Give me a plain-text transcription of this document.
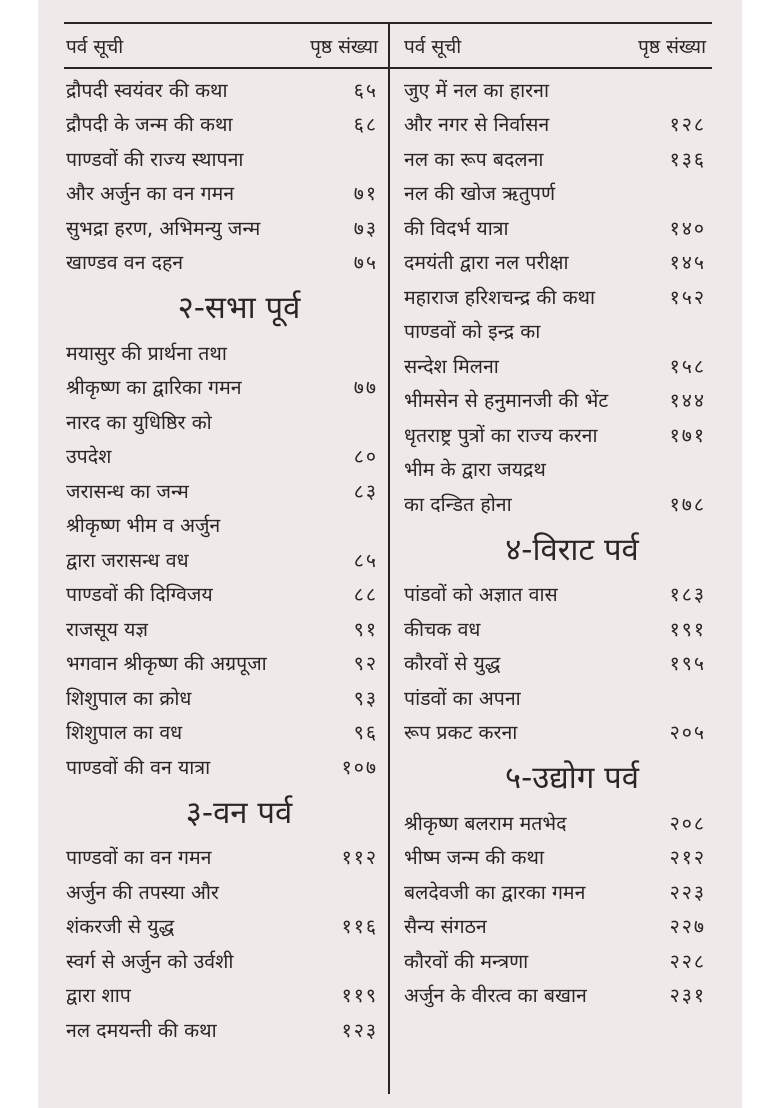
पर्व सूची	पृष्ठ संख्या
द्रौपदी स्वयंवर की कथा	६५
द्रौपदी के जन्म की कथा	६८
पाण्डवों की राज्य स्थापना
और अर्जुन का वन गमन	७१
सुभद्रा हरण, अभिमन्यु जन्म	७३
खाण्डव वन दहन	७५
२-सभा पूर्व
मयासुर की प्रार्थना तथा
श्रीकृष्ण का द्वारिका गमन	७७
नारद का युधिष्ठिर को
उपदेश	८०
जरासन्ध का जन्म	८३
श्रीकृष्ण भीम व अर्जुन
द्वारा जरासन्ध वध	८५
पाण्डवों की दिग्विजय	८८
राजसूय यज्ञ	९१
भगवान श्रीकृष्ण की अग्रपूजा	९२
शिशुपाल का क्रोध	९३
शिशुपाल का वध	९६
पाण्डवों की वन यात्रा	१०७
३-वन पर्व
पाण्डवों का वन गमन	११२
अर्जुन की तपस्या और
शंकरजी से युद्ध	११६
स्वर्ग से अर्जुन को उर्वशी
द्वारा शाप	११९
नल दमयन्ती की कथा	१२३
पर्व सूची	पृष्ठ संख्या
जुए में नल का हारना
और नगर से निर्वासन	१२८
नल का रूप बदलना	१३६
नल की खोज ऋतुपर्ण
की विदर्भ यात्रा	१४०
दमयंती द्वारा नल परीक्षा	१४५
महाराज हरिशचन्द्र की कथा	१५२
पाण्डवों को इन्द्र का
सन्देश मिलना	१५८
भीमसेन से हनुमानजी की भेंट	१४४
धृतराष्ट्र पुत्रों का राज्य करना	१७१
भीम के द्वारा जयद्रथ
का दन्डित होना	१७८
४-विराट पर्व
पांडवों को अज्ञात वास	१८३
कीचक वध	१९१
कौरवों से युद्ध	१९५
पांडवों का अपना
रूप प्रकट करना	२०५
५-उद्योग पर्व
श्रीकृष्ण बलराम मतभेद	२०८
भीष्म जन्म की कथा	२१२
बलदेवजी का द्वारका गमन	२२३
सैन्य संगठन	२२७
कौरवों की मन्त्रणा	२२८
अर्जुन के वीरत्व का बखान	२३१
